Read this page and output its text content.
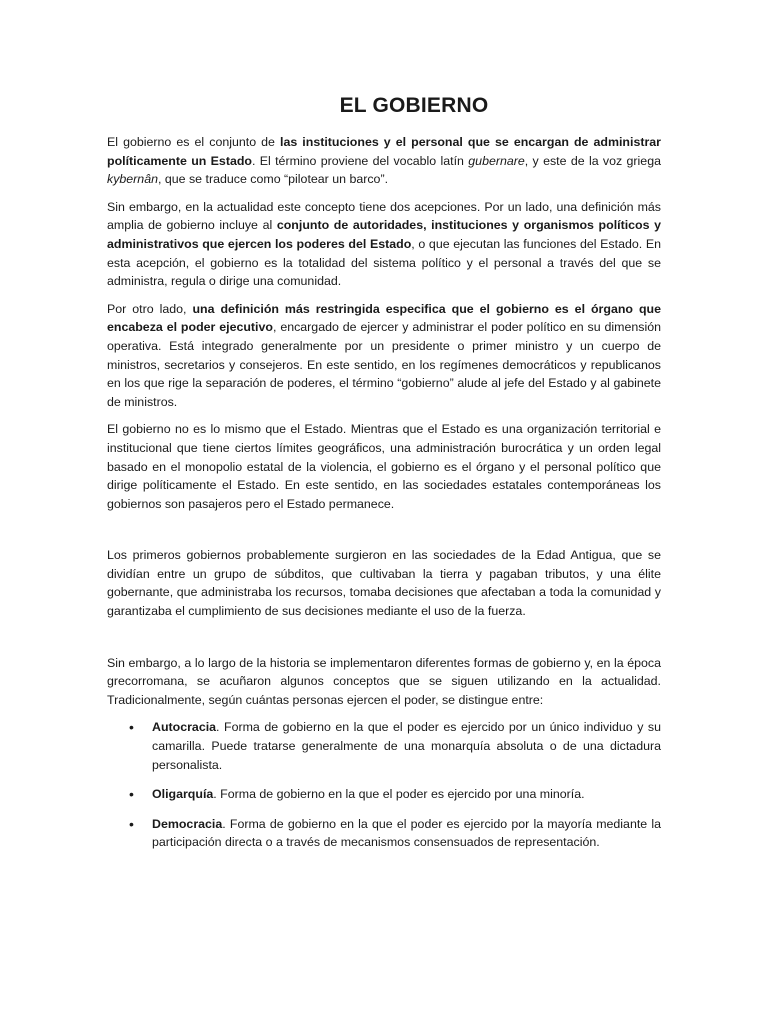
EL GOBIERNO

El gobierno es el conjunto de las instituciones y el personal que se encargan de administrar políticamente un Estado. El término proviene del vocablo latín gubernare, y este de la voz griega kybernân, que se traduce como “pilotear un barco”.

Sin embargo, en la actualidad este concepto tiene dos acepciones. Por un lado, una definición más amplia de gobierno incluye al conjunto de autoridades, instituciones y organismos políticos y administrativos que ejercen los poderes del Estado, o que ejecutan las funciones del Estado. En esta acepción, el gobierno es la totalidad del sistema político y el personal a través del que se administra, regula o dirige una comunidad.

Por otro lado, una definición más restringida especifica que el gobierno es el órgano que encabeza el poder ejecutivo, encargado de ejercer y administrar el poder político en su dimensión operativa. Está integrado generalmente por un presidente o primer ministro y un cuerpo de ministros, secretarios y consejeros. En este sentido, en los regímenes democráticos y republicanos en los que rige la separación de poderes, el término “gobierno” alude al jefe del Estado y al gabinete de ministros.

El gobierno no es lo mismo que el Estado. Mientras que el Estado es una organización territorial e institucional que tiene ciertos límites geográficos, una administración burocrática y un orden legal basado en el monopolio estatal de la violencia, el gobierno es el órgano y el personal político que dirige políticamente el Estado. En este sentido, en las sociedades estatales contemporáneas los gobiernos son pasajeros pero el Estado permanece.

Los primeros gobiernos probablemente surgieron en las sociedades de la Edad Antigua, que se dividían entre un grupo de súbditos, que cultivaban la tierra y pagaban tributos, y una élite gobernante, que administraba los recursos, tomaba decisiones que afectaban a toda la comunidad y garantizaba el cumplimiento de sus decisiones mediante el uso de la fuerza.

Sin embargo, a lo largo de la historia se implementaron diferentes formas de gobierno y, en la época grecorromana, se acuñaron algunos conceptos que se siguen utilizando en la actualidad. Tradicionalmente, según cuántas personas ejercen el poder, se distingue entre:

• Autocracia. Forma de gobierno en la que el poder es ejercido por un único individuo y su camarilla. Puede tratarse generalmente de una monarquía absoluta o de una dictadura personalista.
• Oligarquía. Forma de gobierno en la que el poder es ejercido por una minoría.
• Democracia. Forma de gobierno en la que el poder es ejercido por la mayoría mediante la participación directa o a través de mecanismos consensuados de representación.
